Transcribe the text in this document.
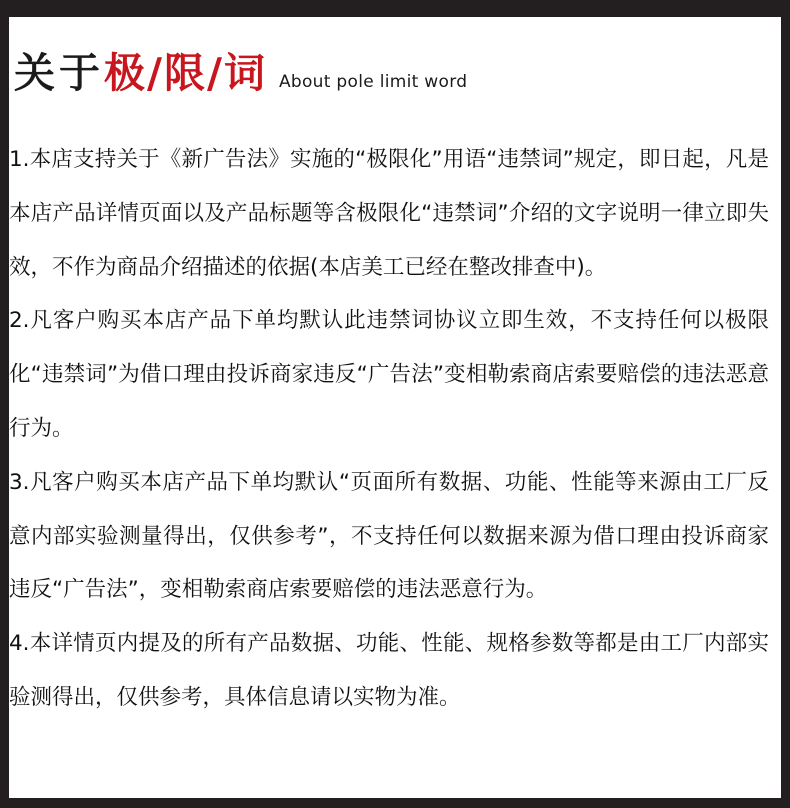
关于 极/限/词 About pole limit word

1.本店支持关于《新广告法》实施的“极限化”用语“违禁词”规定，即日起，凡是本店产品详情页面以及产品标题等含极限化“违禁词”介绍的文字说明一律立即失效，不作为商品介绍描述的依据(本店美工已经在整改排查中)。

2.凡客户购买本店产品下单均默认此违禁词协议立即生效，不支持任何以极限化“违禁词”为借口理由投诉商家违反“广告法”变相勒索商店索要赔偿的违法恶意行为。

3.凡客户购买本店产品下单均默认“页面所有数据、功能、性能等来源由工厂反意内部实验测量得出，仅供参考”，不支持任何以数据来源为借口理由投诉商家违反“广告法”，变相勒索商店索要赔偿的违法恶意行为。

4.本详情页内提及的所有产品数据、功能、性能、规格参数等都是由工厂内部实验测得出，仅供参考，具体信息请以实物为准。
